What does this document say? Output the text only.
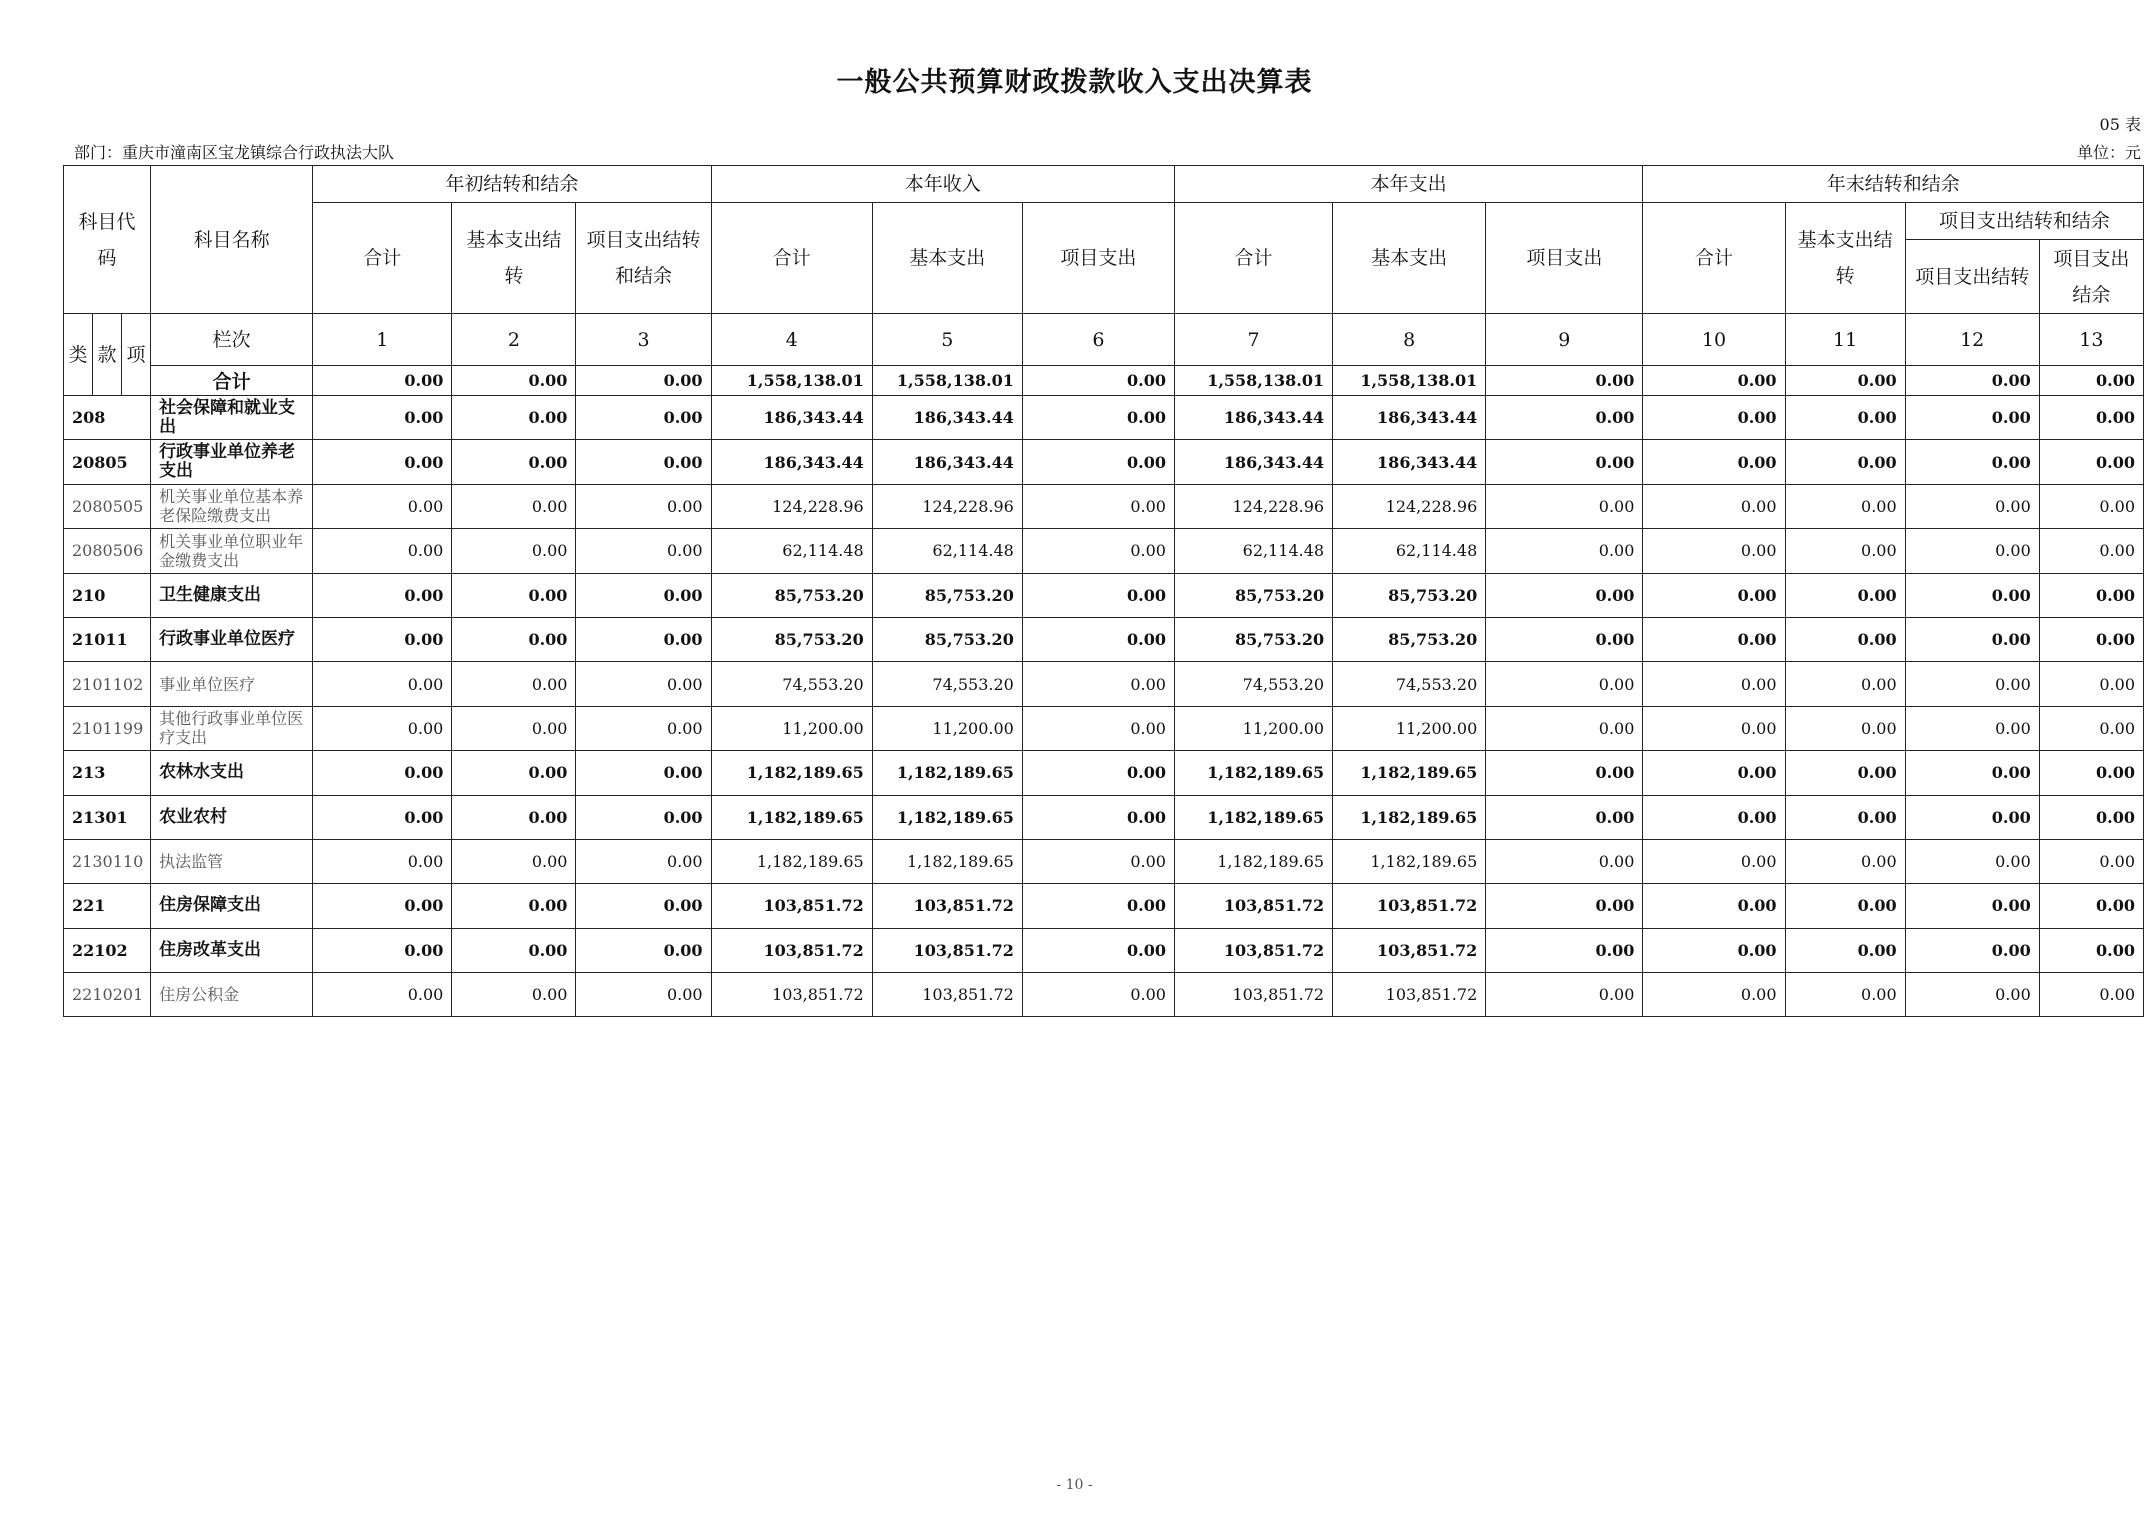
一般公共预算财政拨款收入支出决算表
05 表
部门：重庆市潼南区宝龙镇综合行政执法大队	单位：元
科目代码			科目名称	年初结转和结余			本年收入			本年支出			年末结转和结余			
				合计	基本支出结转	项目支出结转和结余	合计	基本支出	项目支出	合计	基本支出	项目支出	合计	基本支出结转	项目支出结转和结余	
															项目支出结转	项目支出结余
类	款	项	栏次	1	2	3	4	5	6	7	8	9	10	11	12	13
			合计	0.00	0.00	0.00	1,558,138.01	1,558,138.01	0.00	1,558,138.01	1,558,138.01	0.00	0.00	0.00	0.00	0.00
208			社会保障和就业支出	0.00	0.00	0.00	186,343.44	186,343.44	0.00	186,343.44	186,343.44	0.00	0.00	0.00	0.00	0.00
20805			行政事业单位养老支出	0.00	0.00	0.00	186,343.44	186,343.44	0.00	186,343.44	186,343.44	0.00	0.00	0.00	0.00	0.00
2080505			机关事业单位基本养老保险缴费支出	0.00	0.00	0.00	124,228.96	124,228.96	0.00	124,228.96	124,228.96	0.00	0.00	0.00	0.00	0.00
2080506			机关事业单位职业年金缴费支出	0.00	0.00	0.00	62,114.48	62,114.48	0.00	62,114.48	62,114.48	0.00	0.00	0.00	0.00	0.00
210			卫生健康支出	0.00	0.00	0.00	85,753.20	85,753.20	0.00	85,753.20	85,753.20	0.00	0.00	0.00	0.00	0.00
21011			行政事业单位医疗	0.00	0.00	0.00	85,753.20	85,753.20	0.00	85,753.20	85,753.20	0.00	0.00	0.00	0.00	0.00
2101102			事业单位医疗	0.00	0.00	0.00	74,553.20	74,553.20	0.00	74,553.20	74,553.20	0.00	0.00	0.00	0.00	0.00
2101199			其他行政事业单位医疗支出	0.00	0.00	0.00	11,200.00	11,200.00	0.00	11,200.00	11,200.00	0.00	0.00	0.00	0.00	0.00
213			农林水支出	0.00	0.00	0.00	1,182,189.65	1,182,189.65	0.00	1,182,189.65	1,182,189.65	0.00	0.00	0.00	0.00	0.00
21301			农业农村	0.00	0.00	0.00	1,182,189.65	1,182,189.65	0.00	1,182,189.65	1,182,189.65	0.00	0.00	0.00	0.00	0.00
2130110			执法监管	0.00	0.00	0.00	1,182,189.65	1,182,189.65	0.00	1,182,189.65	1,182,189.65	0.00	0.00	0.00	0.00	0.00
221			住房保障支出	0.00	0.00	0.00	103,851.72	103,851.72	0.00	103,851.72	103,851.72	0.00	0.00	0.00	0.00	0.00
22102			住房改革支出	0.00	0.00	0.00	103,851.72	103,851.72	0.00	103,851.72	103,851.72	0.00	0.00	0.00	0.00	0.00
2210201			住房公积金	0.00	0.00	0.00	103,851.72	103,851.72	0.00	103,851.72	103,851.72	0.00	0.00	0.00	0.00	0.00
- 10 -
